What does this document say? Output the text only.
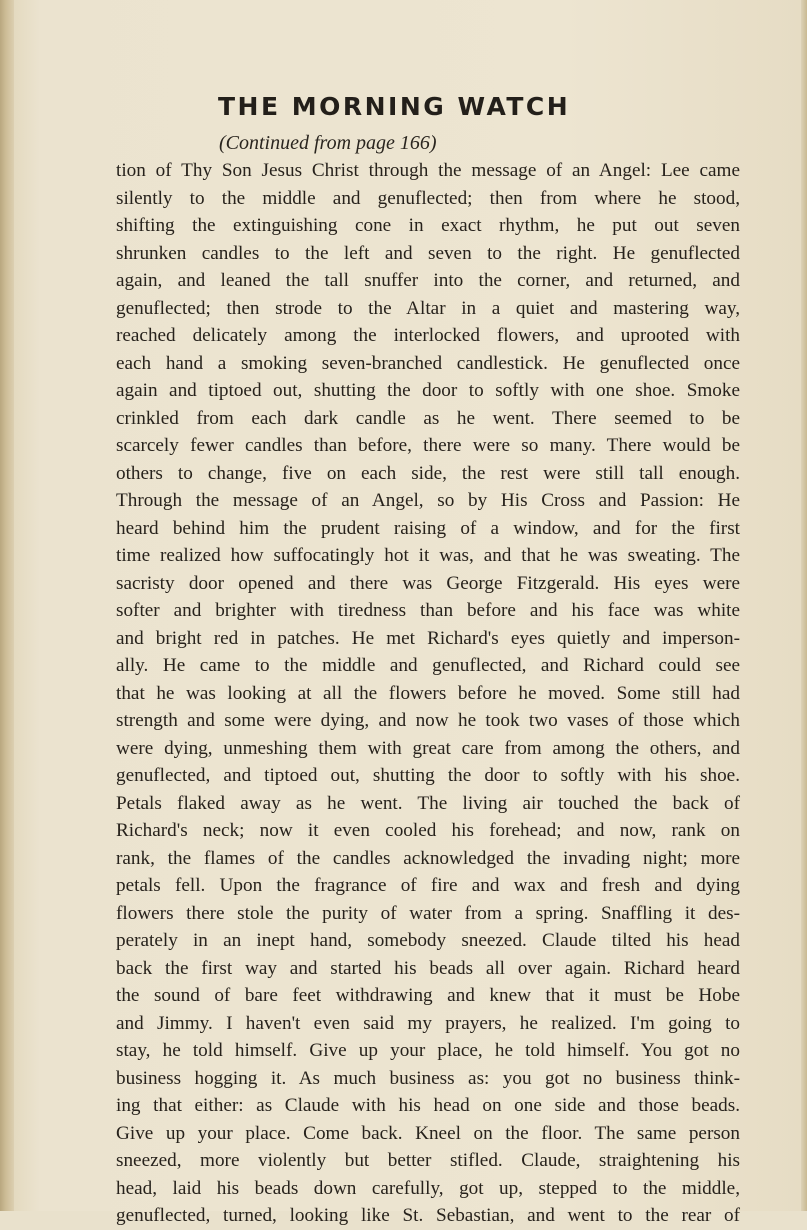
THE MORNING WATCH

(Continued from page 166)

tion of Thy Son Jesus Christ through the message of an Angel: Lee came
silently to the middle and genuflected; then from where he stood,
shifting the extinguishing cone in exact rhythm, he put out seven
shrunken candles to the left and seven to the right. He genuflected
again, and leaned the tall snuffer into the corner, and returned, and
genuflected; then strode to the Altar in a quiet and mastering way,
reached delicately among the interlocked flowers, and uprooted with
each hand a smoking seven-branched candlestick. He genuflected once
again and tiptoed out, shutting the door to softly with one shoe. Smoke
crinkled from each dark candle as he went. There seemed to be
scarcely fewer candles than before, there were so many. There would be
others to change, five on each side, the rest were still tall enough.
Through the message of an Angel, so by His Cross and Passion: He
heard behind him the prudent raising of a window, and for the first
time realized how suffocatingly hot it was, and that he was sweating. The
sacristy door opened and there was George Fitzgerald. His eyes were
softer and brighter with tiredness than before and his face was white
and bright red in patches. He met Richard's eyes quietly and imperson-
ally. He came to the middle and genuflected, and Richard could see
that he was looking at all the flowers before he moved. Some still had
strength and some were dying, and now he took two vases of those which
were dying, unmeshing them with great care from among the others, and
genuflected, and tiptoed out, shutting the door to softly with his shoe.
Petals flaked away as he went. The living air touched the back of
Richard's neck; now it even cooled his forehead; and now, rank on
rank, the flames of the candles acknowledged the invading night; more
petals fell. Upon the fragrance of fire and wax and fresh and dying
flowers there stole the purity of water from a spring. Snaffling it des-
perately in an inept hand, somebody sneezed. Claude tilted his head
back the first way and started his beads all over again. Richard heard
the sound of bare feet withdrawing and knew that it must be Hobe
and Jimmy. I haven't even said my prayers, he realized. I'm going to
stay, he told himself. Give up your place, he told himself. You got no
business hogging it. As much business as: you got no business think-
ing that either: as Claude with his head on one side and those beads.
Give up your place. Come back. Kneel on the floor. The same person
sneezed, more violently but better stifled. Claude, straightening his
head, laid his beads down carefully, got up, stepped to the middle,
genuflected, turned, looking like St. Sebastian, and went to the rear of
